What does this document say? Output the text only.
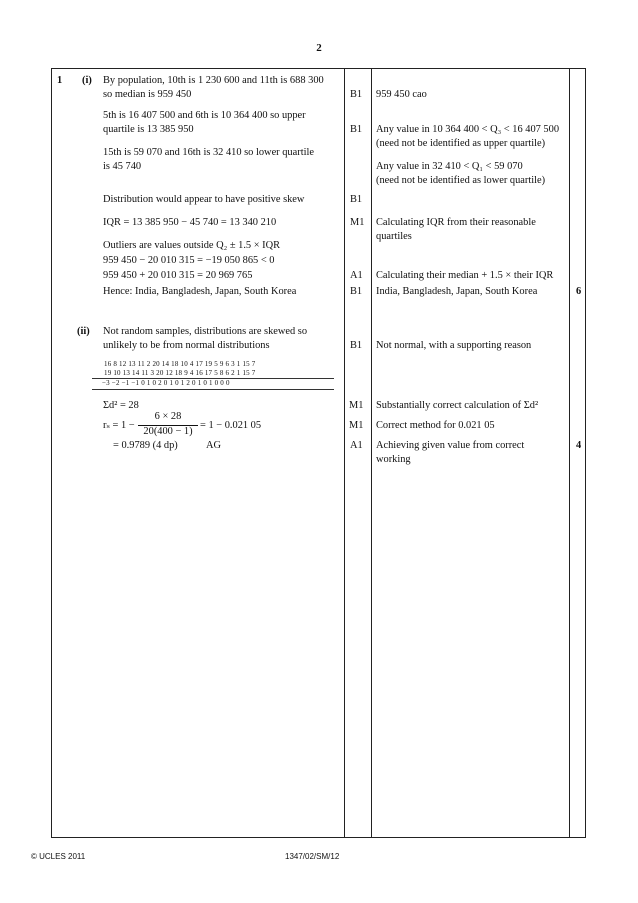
2
1 (i)
(ii)
By population, 10th is 1 230 600 and 11th is 688 300
so median is 959 450
5th is 16 407 500 and 6th is 10 364 400 so upper
quartile is 13 385 950
15th is 59 070 and 16th is 32 410 so lower quartile
is 45 740
Distribution would appear to have positive skew
IQR = 13 385 950 − 45 740 = 13 340 210
Outliers are values outside Q₂ ± 1.5 × IQR
959 450 − 20 010 315 = −19 050 865 < 0
959 450 + 20 010 315 = 20 969 765
Hence: India, Bangladesh, Japan, South Korea
Not random samples, distributions are skewed so
unlikely to be from normal distributions
16 8 12 13 11 2 20 14 18 10 4 17 19 5 9 6 3 1 15 7
19 10 13 14 11 3 20 12 18 9 4 16 17 5 8 6 2 1 15 7
−3 −2 −1 −1 0 1 0 2 0 1 0 1 2 0 1 0 1 0 0 0
Σd² = 28
rₛ = 1 −
6 × 28
20(400 − 1)
= 1 − 0.021 05
= 0.9789 (4 dp)	AG
B1
B1
B1
M1
A1
B1
B1
M1
M1
A1
959 450 cao
Any value in 10 364 400 < Q₃ < 16 407 500
(need not be identified as upper quartile)
Any value in 32 410 < Q₁ < 59 070
(need not be identified as lower quartile)
Calculating IQR from their reasonable
quartiles
Calculating their median + 1.5 × their IQR
India, Bangladesh, Japan, South Korea
Not normal, with a supporting reason
Substantially correct calculation of Σd²
Correct method for 0.021 05
Achieving given value from correct
working
6
4
© UCLES 2011	1347/02/SM/12
